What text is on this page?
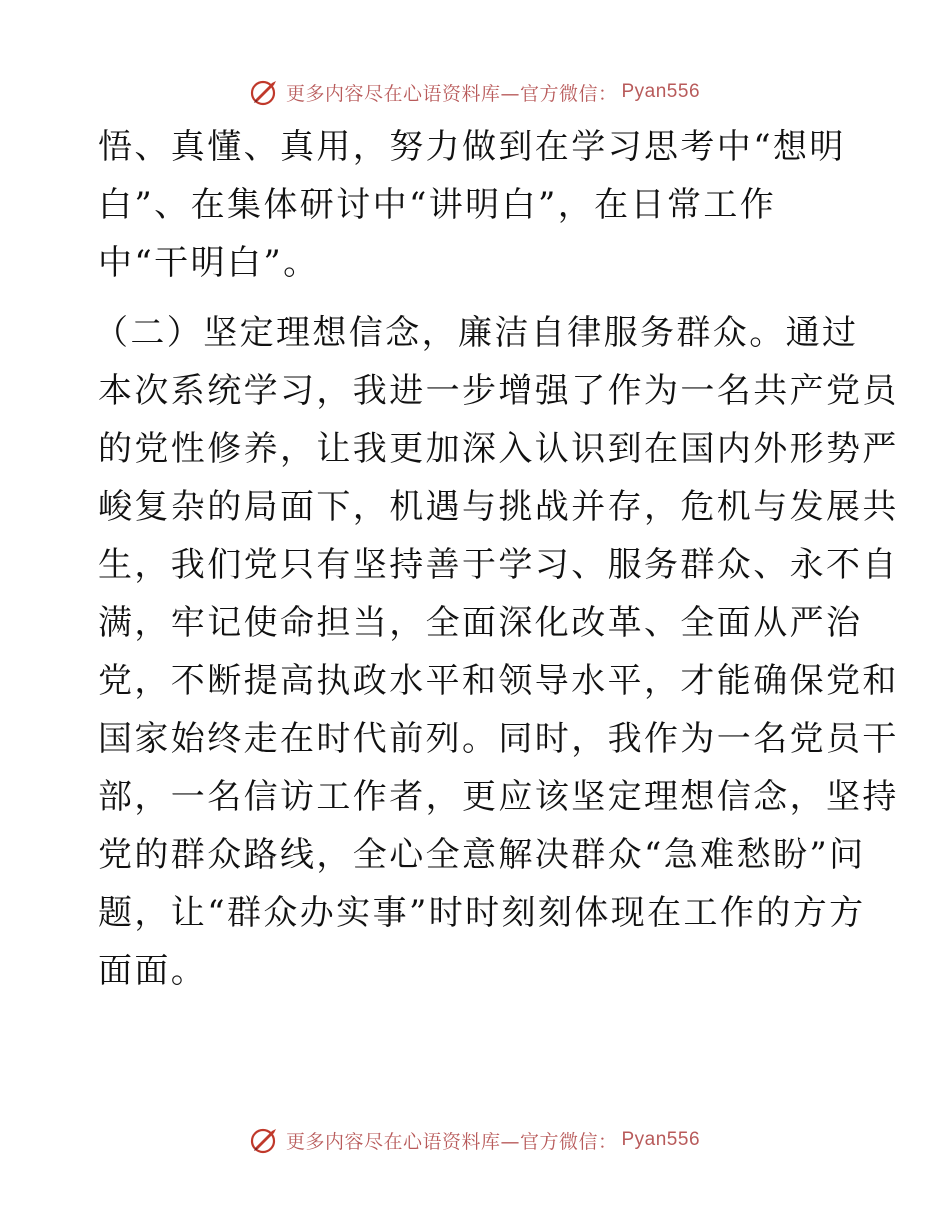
更多内容尽在心语资料库—官方微信： Pyan556
悟、真懂、真用，努力做到在学习思考中“想明
白”、在集体研讨中“讲明白”，在日常工作
中“干明白”。
（二）坚定理想信念，廉洁自律服务群众。通过
本次系统学习，我进一步增强了作为一名共产党员
的党性修养，让我更加深入认识到在国内外形势严
峻复杂的局面下，机遇与挑战并存，危机与发展共
生，我们党只有坚持善于学习、服务群众、永不自
满，牢记使命担当，全面深化改革、全面从严治
党，不断提高执政水平和领导水平，才能确保党和
国家始终走在时代前列。同时，我作为一名党员干
部，一名信访工作者，更应该坚定理想信念，坚持
党的群众路线，全心全意解决群众“急难愁盼”问
题，让“群众办实事”时时刻刻体现在工作的方方
面面。
更多内容尽在心语资料库—官方微信： Pyan556
